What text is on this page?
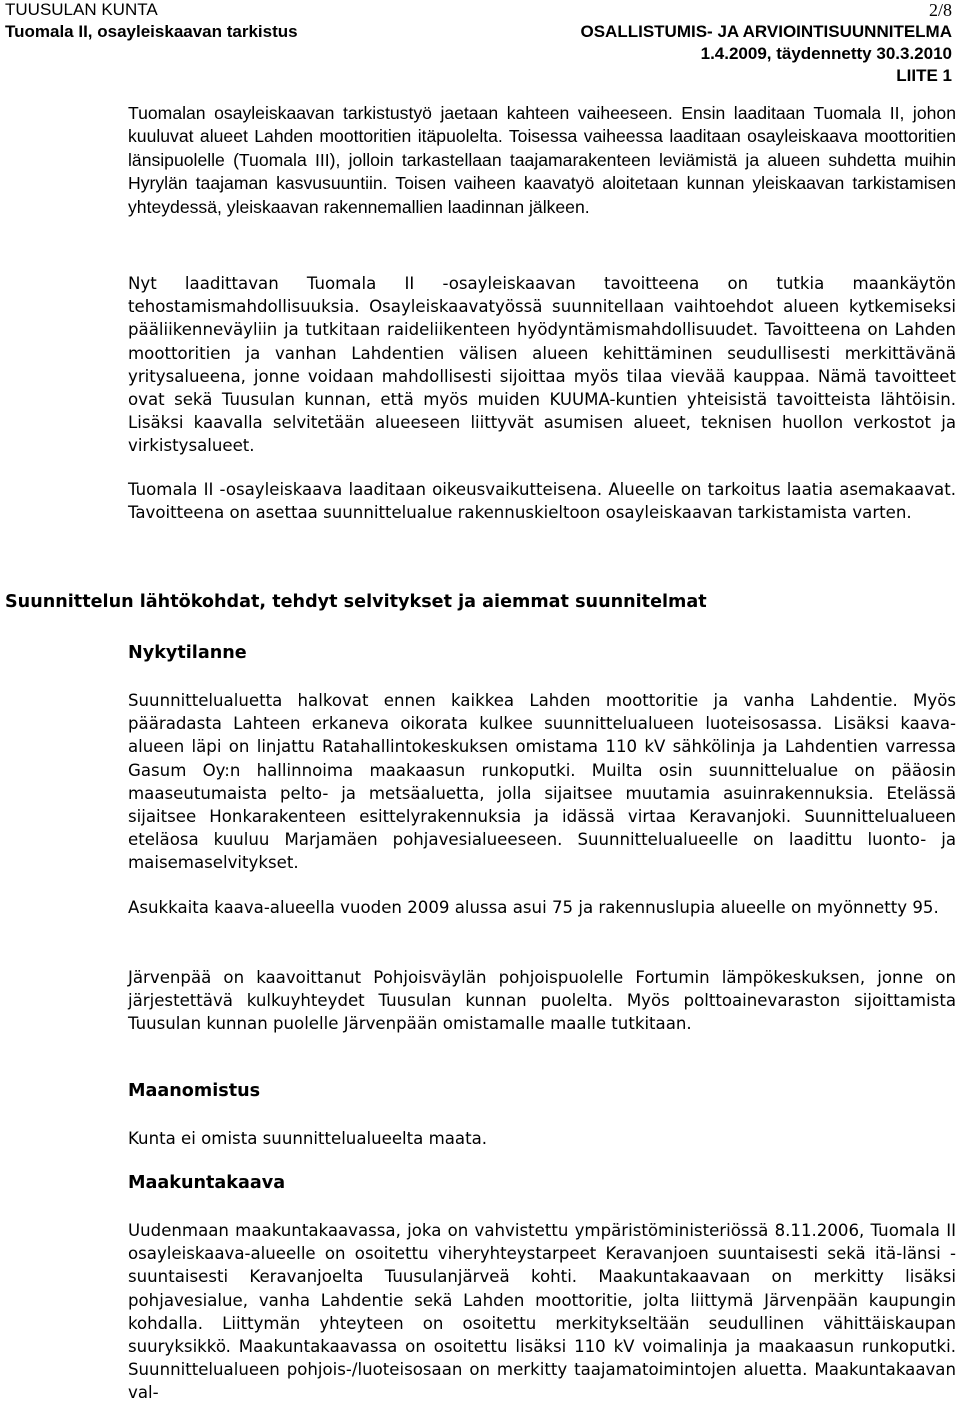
TUUSULAN KUNTA	2/8
Tuomala II, osayleiskaavan tarkistus	OSALLISTUMIS- JA ARVIOINTISUUNNITELMA
1.4.2009, täydennetty 30.3.2010
LIITE 1

Tuomalan osayleiskaavan tarkistustyö jaetaan kahteen vaiheeseen. Ensin laaditaan Tuomala II, johon kuuluvat alueet Lahden moottoritien itäpuolelta. Toisessa vaiheessa laaditaan osayleiskaava moottoritien länsipuolelle (Tuomala III), jolloin tarkastellaan taajamarakenteen leviämistä ja alueen suhdetta muihin Hyrylän taajaman kasvusuuntiin. Toisen vaiheen kaavatyö aloitetaan kunnan yleiskaavan tarkistamisen yhteydessä, yleiskaavan rakennemallien laadinnan jälkeen.

Nyt laadittavan Tuomala II -osayleiskaavan tavoitteena on tutkia maankäytön tehostamismahdollisuuksia. Osayleiskaavatyössä suunnitellaan vaihtoehdot alueen kytkemiseksi pääliikenneväyliin ja tutkitaan raideliikenteen hyödyntämismahdollisuudet. Tavoitteena on Lahden moottoritien ja vanhan Lahdentien välisen alueen kehittäminen seudullisesti merkittävänä yritysalueena, jonne voidaan mahdollisesti sijoittaa myös tilaa vievää kauppaa. Nämä tavoitteet ovat sekä Tuusulan kunnan, että myös muiden KUUMA-kuntien yhteisistä tavoitteista lähtöisin. Lisäksi kaavalla selvitetään alueeseen liittyvät asumisen alueet, teknisen huollon verkostot ja virkistysalueet.

Tuomala II -osayleiskaava laaditaan oikeusvaikutteisena. Alueelle on tarkoitus laatia asemakaavat. Tavoitteena on asettaa suunnittelualue rakennuskieltoon osayleiskaavan tarkistamista varten.

Suunnittelun lähtökohdat, tehdyt selvitykset ja aiemmat suunnitelmat
Nykytilanne

Suunnittelualuetta halkovat ennen kaikkea Lahden moottoritie ja vanha Lahdentie. Myös pääradasta Lahteen erkaneva oikorata kulkee suunnittelualueen luoteisosassa. Lisäksi kaava-alueen läpi on linjattu Ratahallintokeskuksen omistama 110 kV sähkölinja ja Lahdentien varressa Gasum Oy:n hallinnoima maakaasun runkoputki. Muilta osin suunnittelualue on pääosin maaseutumaista pelto- ja metsäaluetta, jolla sijaitsee muutamia asuinrakennuksia. Etelässä sijaitsee Honkarakenteen esittelyrakennuksia ja idässä virtaa Keravanjoki. Suunnittelualueen eteläosa kuuluu Marjamäen pohjavesialueeseen. Suunnittelualueelle on laadittu luonto- ja maisemaselvitykset.

Asukkaita kaava-alueella vuoden 2009 alussa asui 75 ja rakennuslupia alueelle on myönnetty 95.

Järvenpää on kaavoittanut Pohjoisväylän pohjoispuolelle Fortumin lämpökeskuksen, jonne on järjestettävä kulkuyhteydet Tuusulan kunnan puolelta. Myös polttoainevaraston sijoittamista Tuusulan kunnan puolelle Järvenpään omistamalle maalle tutkitaan.

Maanomistus

Kunta ei omista suunnittelualueelta maata.

Maakuntakaava

Uudenmaan maakuntakaavassa, joka on vahvistettu ympäristöministeriössä 8.11.2006, Tuomala II osayleiskaava-alueelle on osoitettu viheryhteystarpeet Keravanjoen suuntaisesti sekä itä-länsi -suuntaisesti Keravanjoelta Tuusulanjärveä kohti. Maakuntakaavaan on merkitty lisäksi pohjavesialue, vanha Lahdentie sekä Lahden moottoritie, jolta liittymä Järvenpään kaupungin kohdalla. Liittymän yhteyteen on osoitettu merkitykseltään seudullinen vähittäiskaupan suuryksikkö. Maakuntakaavassa on osoitettu lisäksi 110 kV voimalinja ja maakaasun runkoputki. Suunnittelualueen pohjois-/luoteisosaan on merkitty taajamatoimintojen aluetta. Maakuntakaavan val-
